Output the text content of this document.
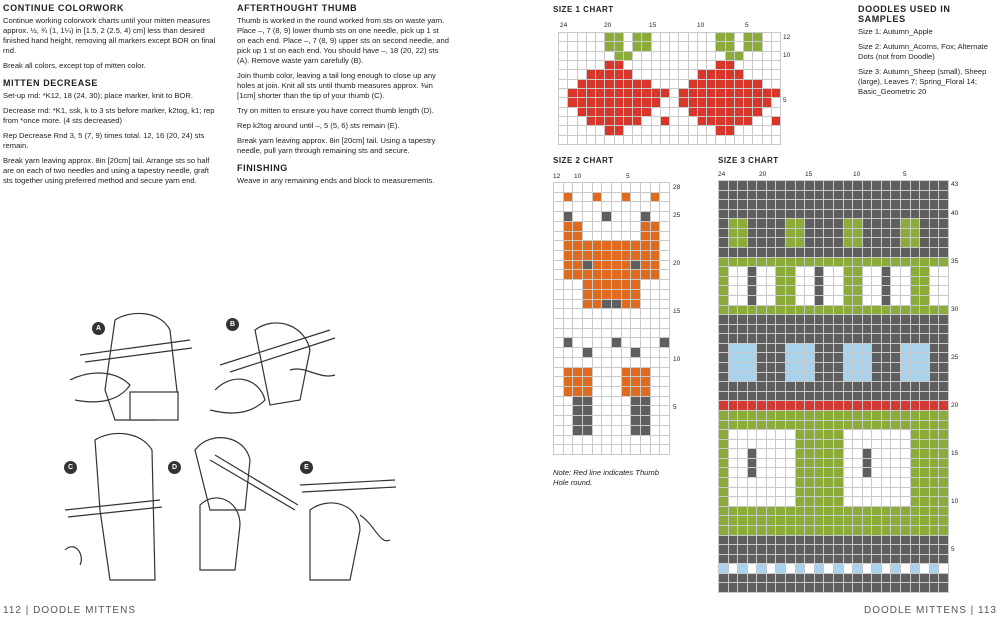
CONTINUE COLORWORK

Continue working colorwork charts until your mitten measures approx. ½, ¾ (1, 1¼) in [1.5, 2 (2.5, 4) cm] less than desired finished hand height, removing all markers except BOR on final rnd.

Break all colors, except top of mitten color.

MITTEN DECREASE

Set-up rnd: *K12, 18 (24, 30); place marker, knit to BOR.

Decrease rnd: *K1, ssk, k to 3 sts before marker, k2tog, k1; rep from *once more. (4 sts decreased)

Rep Decrease Rnd 3, 5 (7, 9) times total. 12, 16 (20, 24) sts remain.

Break yarn leaving approx. 8in [20cm] tail. Arrange sts so half are on each of two needles and using a tapestry needle, graft sts together using preferred method and secure yarn end.

AFTERTHOUGHT THUMB

Thumb is worked in the round worked from sts on waste yarn. Place –, 7 (8, 9) lower thumb sts on one needle, pick up 1 st on each end. Place –, 7 (8, 9) upper sts on second needle, and pick up 1 st on each end. You should have –, 18 (20, 22) sts (A). Remove waste yarn carefully (B).

Join thumb color, leaving a tail long enough to close up any holes at join. Knit all sts until thumb measures approx. ⅜in [1cm] shorter than the tip of your thumb (C).

Try on mitten to ensure you have correct thumb length (D).

Rep k2tog around until –, 5 (5, 6) sts remain (E).

Break yarn leaving approx. 8in [20cm] tail. Using a tapestry needle, pull yarn through remaining sts and secure.

FINISHING

Weave in any remaining ends and block to measurements.

A
B
C	D	E
112 | DOODLE MITTENS
SIZE 1 CHART
24	20	15	10	5
12
10
5
SIZE 2 CHART
12 10	5
28
25
20
15
10
5
Note: Red line indicates Thumb Hole round.
SIZE 3 CHART
24	20	15	10	5
43
40
35
30
25
20
15
10
5
DOODLES USED IN SAMPLES

Size 1: Autumn_Apple

Size 2: Autumn_Acorns, Fox; Alternate Dots (not from Doodle)

Size 3: Autumn_Sheep (small), Sheep (large), Leaves 7; Spring_Floral 14; Basic_Geometric 20

DOODLE MITTENS | 113
